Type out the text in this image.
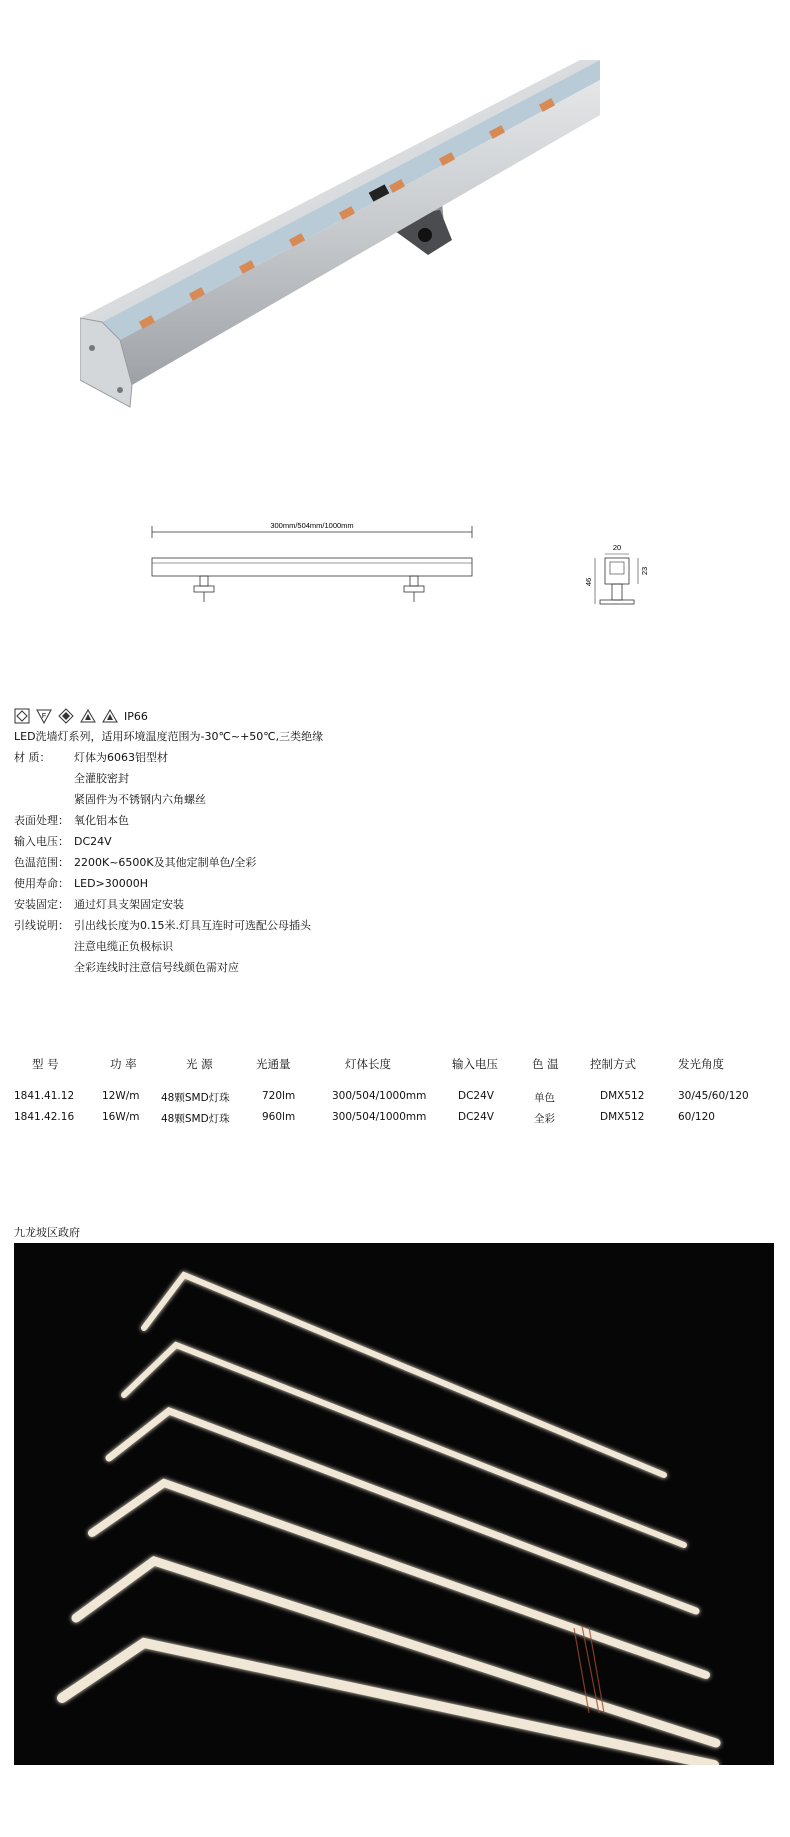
300mm/504mm/1000mm
20
46
23
F	IP66
LED洗墙灯系列，适用环境温度范围为-30℃~+50℃,三类绝缘
材 质： 灯体为6063铝型材
全灌胶密封
紧固件为不锈钢内六角螺丝
表面处理： 氧化铝本色
输入电压： DC24V
色温范围： 2200K~6500K及其他定制单色/全彩
使用寿命： LED>30000H
安装固定： 通过灯具支架固定安装
引线说明： 引出线长度为0.15米.灯具互连时可选配公母插头
注意电缆正负极标识
全彩连线时注意信号线颜色需对应
型 号	功 率	光 源	光通量	灯体长度	输入电压	色 温	控制方式	发光角度
1841.41.12	12W/m 48颗SMD灯珠	720lm	300/504/1000mm	DC24V	单色	DMX512	30/45/60/120
1841.42.16	16W/m 48颗SMD灯珠	960lm	300/504/1000mm	DC24V	全彩	DMX512	60/120
九龙坡区政府
